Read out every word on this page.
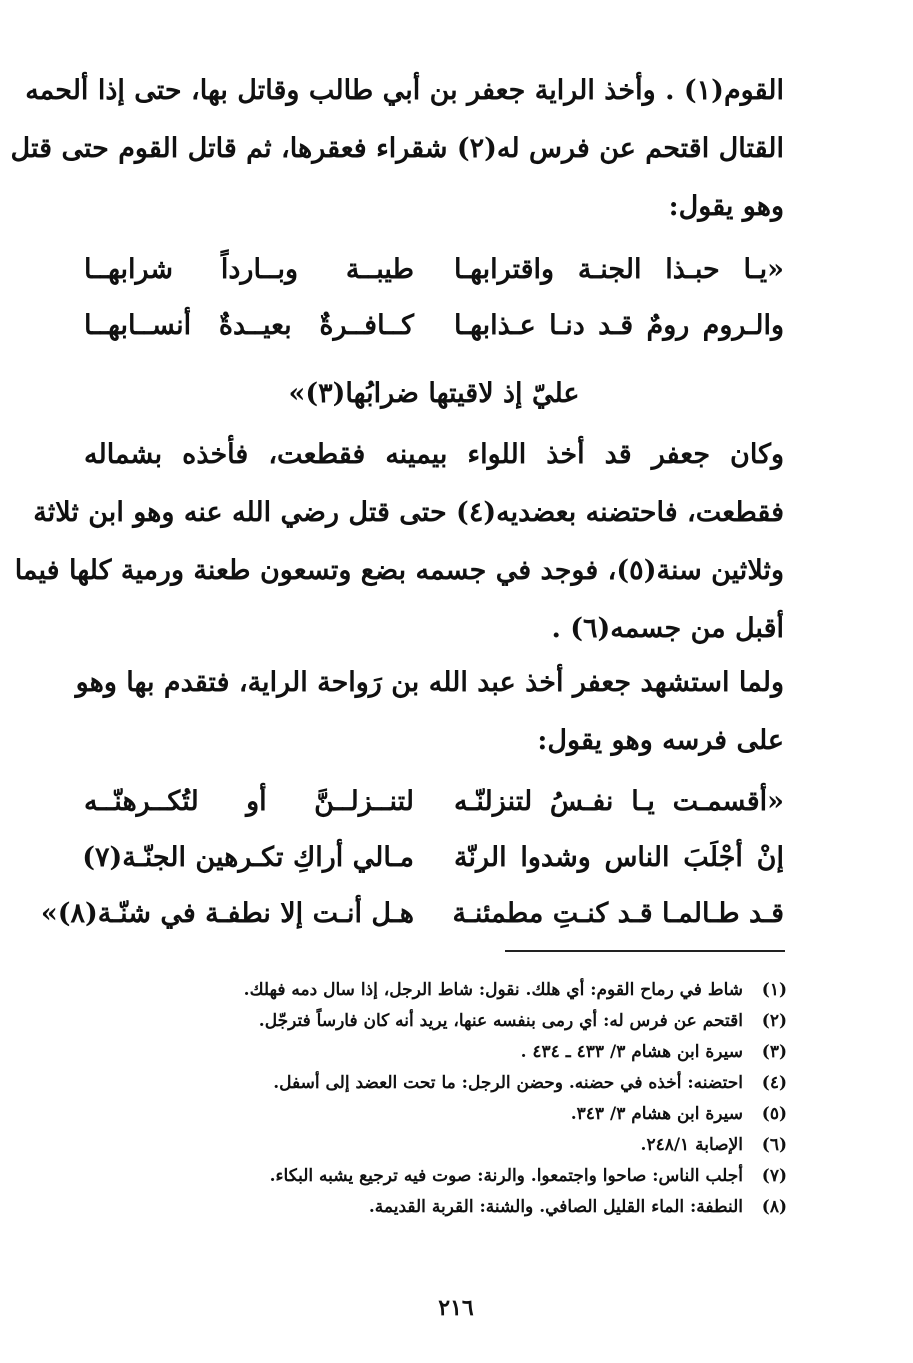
القوم(١) . وأخذ الراية جعفر بن أبي طالب وقاتل بها، حتى إذا ألحمه
القتال اقتحم عن فرس له(٢) شقراء فعقرها، ثم قاتل القوم حتى قتل
وهو يقول:
«يـا حبـذا الجنـة واقترابهـا
طيبــة وبــارداً شرابهــا
والـروم رومٌ قـد دنـا عـذابهـا
كــافــرةٌ بعيــدةٌ أنســابهــا
عليّ إذ لاقيتها ضرابُها(٣)»
وكان جعفر قد أخذ اللواء بيمينه فقطعت، فأخذه بشماله
فقطعت، فاحتضنه بعضديه(٤) حتى قتل رضي الله عنه وهو ابن ثلاثة
وثلاثين سنة(٥)، فوجد في جسمه بضع وتسعون طعنة ورمية كلها فيما
أقبل من جسمه(٦) .
ولما استشهد جعفر أخذ عبد الله بن رَواحة الراية، فتقدم بها وهو
على فرسه وهو يقول:
«أقسمـت يـا نفـسُ لتنزلنّـه
لتنــزلــنَّ أو لتُكــرهنّــه
إنْ أجْلَبَ الناس وشدوا الرنّة
مـالي أراكِ تكـرهين الجنّـة(٧)
قـد طـالمـا قـد كنـتِ مطمئنـة
هـل أنـت إلا نطفـة في شنّـة(٨)»
(١)
شاط في رماح القوم: أي هلك. نقول: شاط الرجل، إذا سال دمه فهلك.
(٢)
اقتحم عن فرس له: أي رمى بنفسه عنها، يريد أنه كان فارساً فترجّل.
(٣)
سيرة ابن هشام ٣/ ٤٣٣ ـ ٤٣٤ .
(٤)
احتضنه: أخذه في حضنه. وحضن الرجل: ما تحت العضد إلى أسفل.
(٥)
سيرة ابن هشام ٣/ ٣٤٣.
(٦)
الإصابة ٢٤٨/١.
(٧)
أجلب الناس: صاحوا واجتمعوا. والرنة: صوت فيه ترجيع يشبه البكاء.
(٨)
النطفة: الماء القليل الصافي. والشنة: القربة القديمة.
٢١٦
